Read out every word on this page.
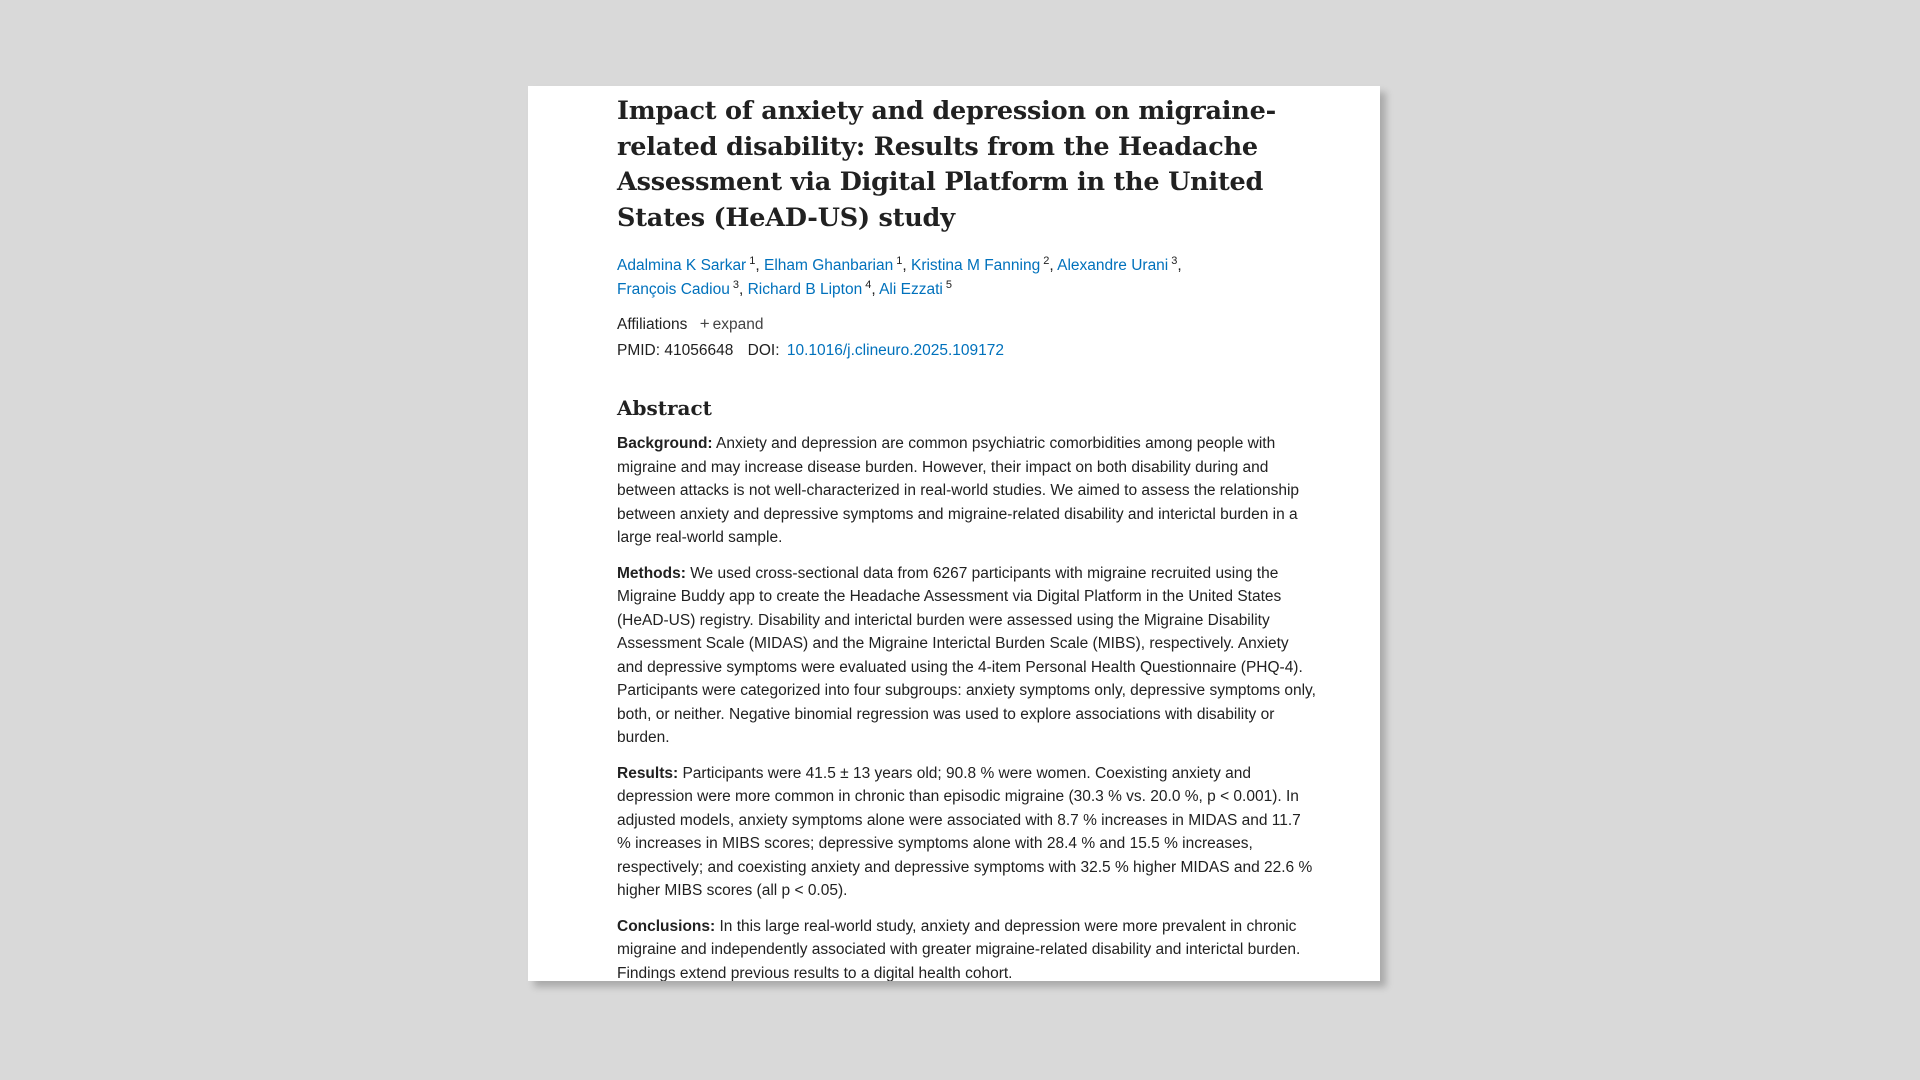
Impact of anxiety and depression on migraine-related disability: Results from the Headache Assessment via Digital Platform in the United States (HeAD-US) study
Adalmina K Sarkar $^1$, Elham Ghanbarian $^1$, Kristina M Fanning $^2$, Alexandre Urani $^3$,
François Cadiou $^3$, Richard B Lipton $^4$, Ali Ezzati $^5$
Affiliations + expand
PMID: 41056648 DOI: 10.1016/j.clineuro.2025.109172
Abstract

Background: Anxiety and depression are common psychiatric comorbidities among people with migraine and may increase disease burden. However, their impact on both disability during and between attacks is not well-characterized in real-world studies. We aimed to assess the relationship between anxiety and depressive symptoms and migraine-related disability and interictal burden in a large real-world sample.

Methods: We used cross-sectional data from 6267 participants with migraine recruited using the Migraine Buddy app to create the Headache Assessment via Digital Platform in the United States (HeAD-US) registry. Disability and interictal burden were assessed using the Migraine Disability Assessment Scale (MIDAS) and the Migraine Interictal Burden Scale (MIBS), respectively. Anxiety and depressive symptoms were evaluated using the 4-item Personal Health Questionnaire (PHQ-4). Participants were categorized into four subgroups: anxiety symptoms only, depressive symptoms only, both, or neither. Negative binomial regression was used to explore associations with disability or burden.

Results: Participants were 41.5 ± 13 years old; 90.8 % were women. Coexisting anxiety and depression were more common in chronic than episodic migraine (30.3 % vs. 20.0 %, p < 0.001). In adjusted models, anxiety symptoms alone were associated with 8.7 % increases in MIDAS and 11.7 % increases in MIBS scores; depressive symptoms alone with 28.4 % and 15.5 % increases, respectively; and coexisting anxiety and depressive symptoms with 32.5 % higher MIDAS and 22.6 % higher MIBS scores (all p < 0.05).

Conclusions: In this large real-world study, anxiety and depression were more prevalent in chronic migraine and independently associated with greater migraine-related disability and interictal burden. Findings extend previous results to a digital health cohort.
